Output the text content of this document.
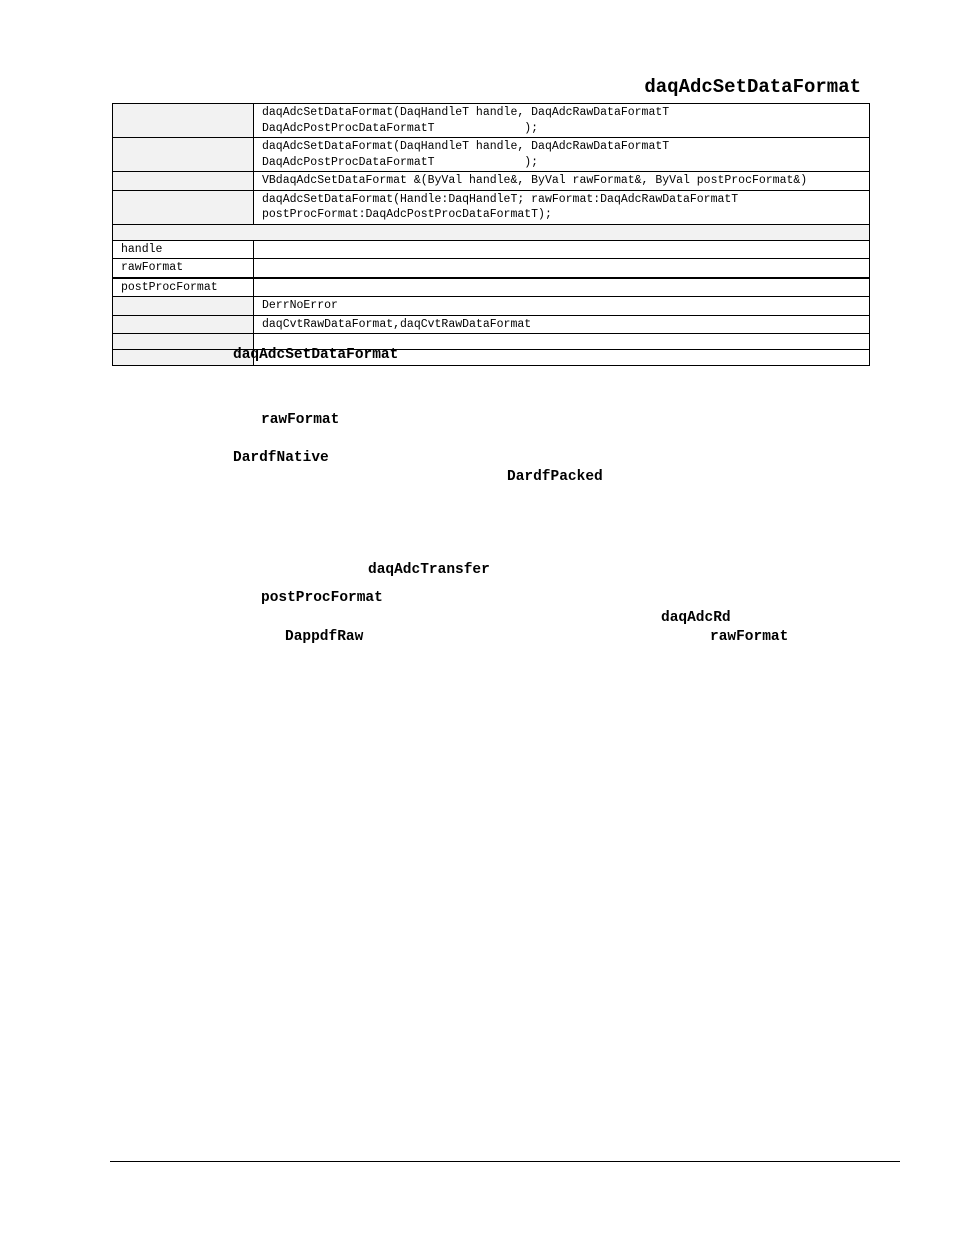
daqAdcSetDataFormat
	daqAdcSetDataFormat(DaqHandleT handle, DaqAdcRawDataFormatT
DaqAdcPostProcDataFormatT             );
	daqAdcSetDataFormat(DaqHandleT handle, DaqAdcRawDataFormatT
DaqAdcPostProcDataFormatT             );
	VBdaqAdcSetDataFormat &(ByVal handle&, ByVal rawFormat&, ByVal postProcFormat&)
	daqAdcSetDataFormat(Handle:DaqHandleT; rawFormat:DaqAdcRawDataFormatT
postProcFormat:DaqAdcPostProcDataFormatT);

handle	
rawFormat	
postProcFormat	
	DerrNoError
	daqCvtRawDataFormat,daqCvtRawDataFormat

daqAdcSetDataFormat
rawFormat
DardfNative
DardfPacked
daqAdcTransfer
postProcFormat
daqAdcRd
DappdfRaw	rawFormat
